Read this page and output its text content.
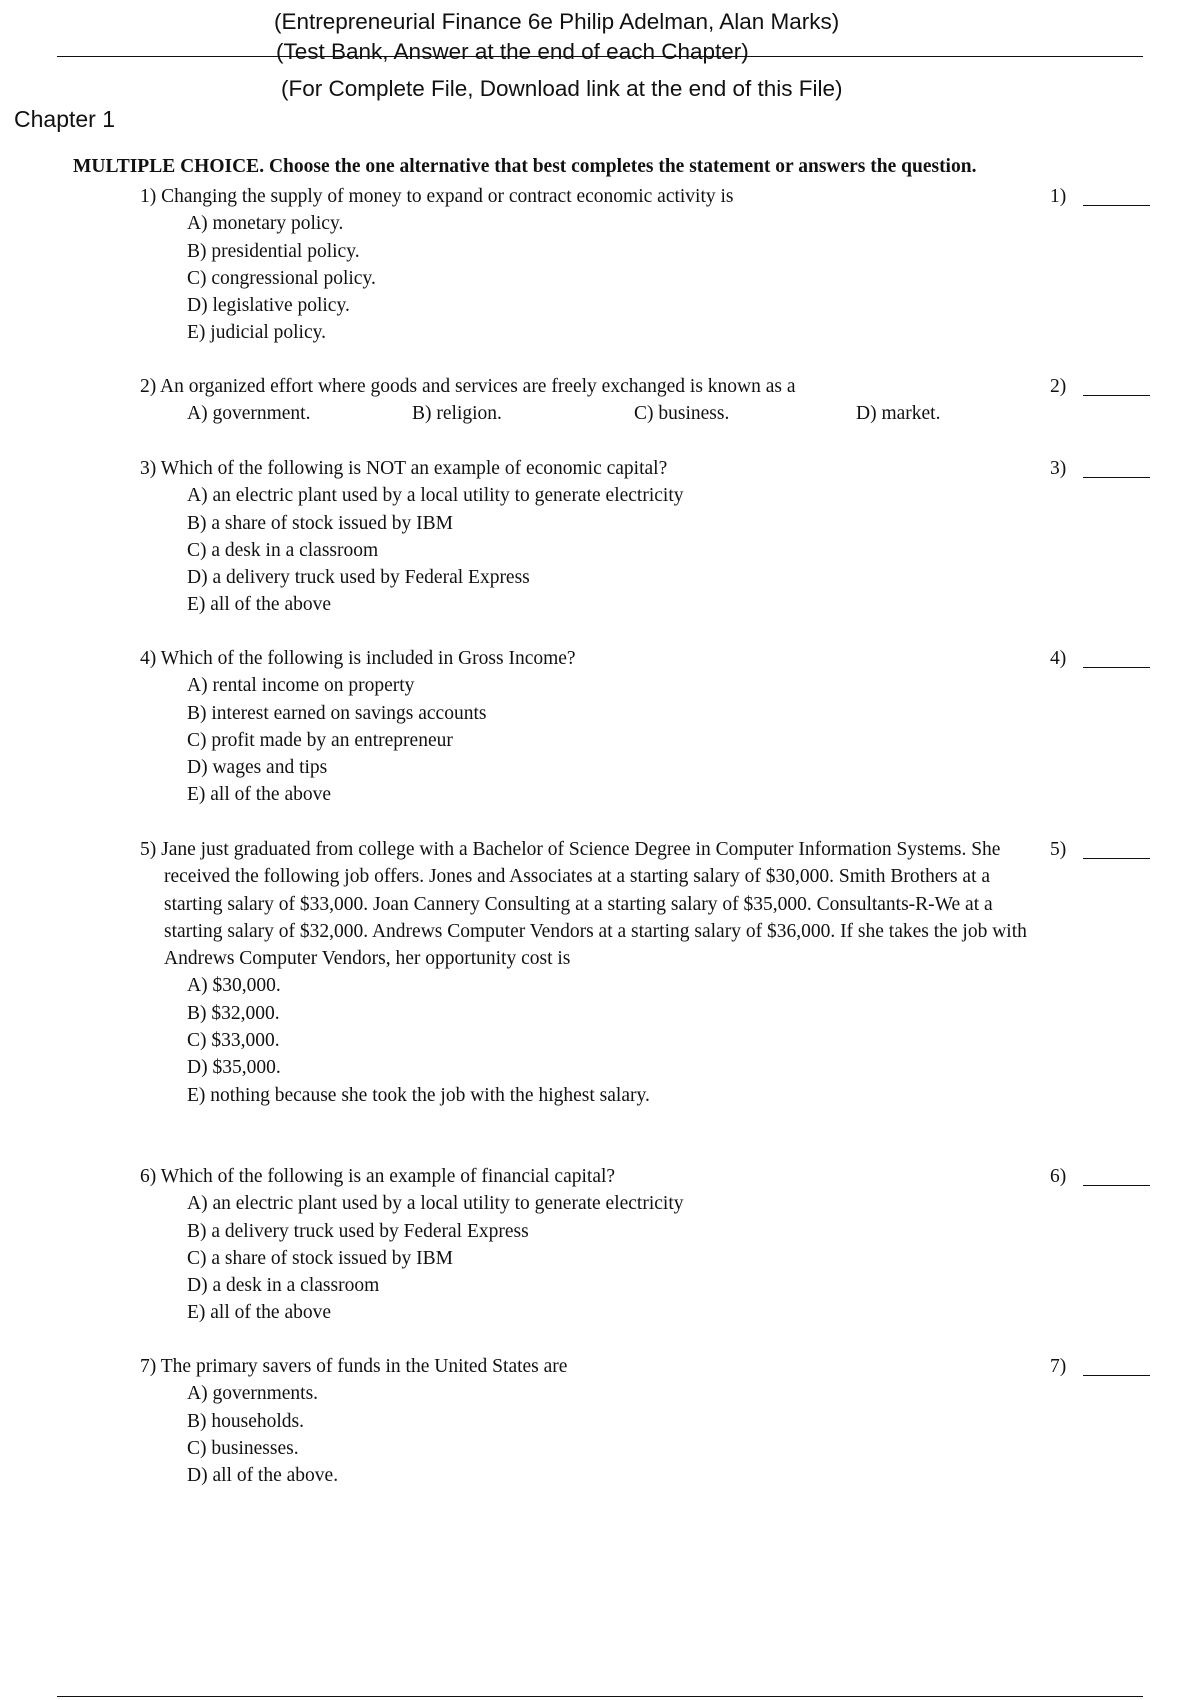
(Entrepreneurial Finance 6e Philip Adelman, Alan Marks)
(Test Bank, Answer at the end of each Chapter)
(For Complete File, Download link at the end of this File)
Chapter 1
MULTIPLE CHOICE. Choose the one alternative that best completes the statement or answers the question.
1) Changing the supply of money to expand or contract economic activity is	1)
A) monetary policy.
B) presidential policy.
C) congressional policy.
D) legislative policy.
E) judicial policy.
2) An organized effort where goods and services are freely exchanged is known as a	2)
A) government.	B) religion.	C) business.	D) market.
3) Which of the following is NOT an example of economic capital?	3)
A) an electric plant used by a local utility to generate electricity
B) a share of stock issued by IBM
C) a desk in a classroom
D) a delivery truck used by Federal Express
E) all of the above
4) Which of the following is included in Gross Income?	4)
A) rental income on property
B) interest earned on savings accounts
C) profit made by an entrepreneur
D) wages and tips
E) all of the above
5) Jane just graduated from college with a Bachelor of Science Degree in Computer Information Systems. She received the following job offers. Jones and Associates at a starting salary of $30,000. Smith Brothers at a starting salary of $33,000. Joan Cannery Consulting at a starting salary of $35,000. Consultants-R-We at a starting salary of $32,000. Andrews Computer Vendors at a starting salary of $36,000. If she takes the job with Andrews Computer Vendors, her opportunity cost is
5)
A) $30,000.
B) $32,000.
C) $33,000.
D) $35,000.
E) nothing because she took the job with the highest salary.
6) Which of the following is an example of financial capital?	6)
A) an electric plant used by a local utility to generate electricity
B) a delivery truck used by Federal Express
C) a share of stock issued by IBM
D) a desk in a classroom
E) all of the above
7) The primary savers of funds in the United States are	7)
A) governments.
B) households.
C) businesses.
D) all of the above.
